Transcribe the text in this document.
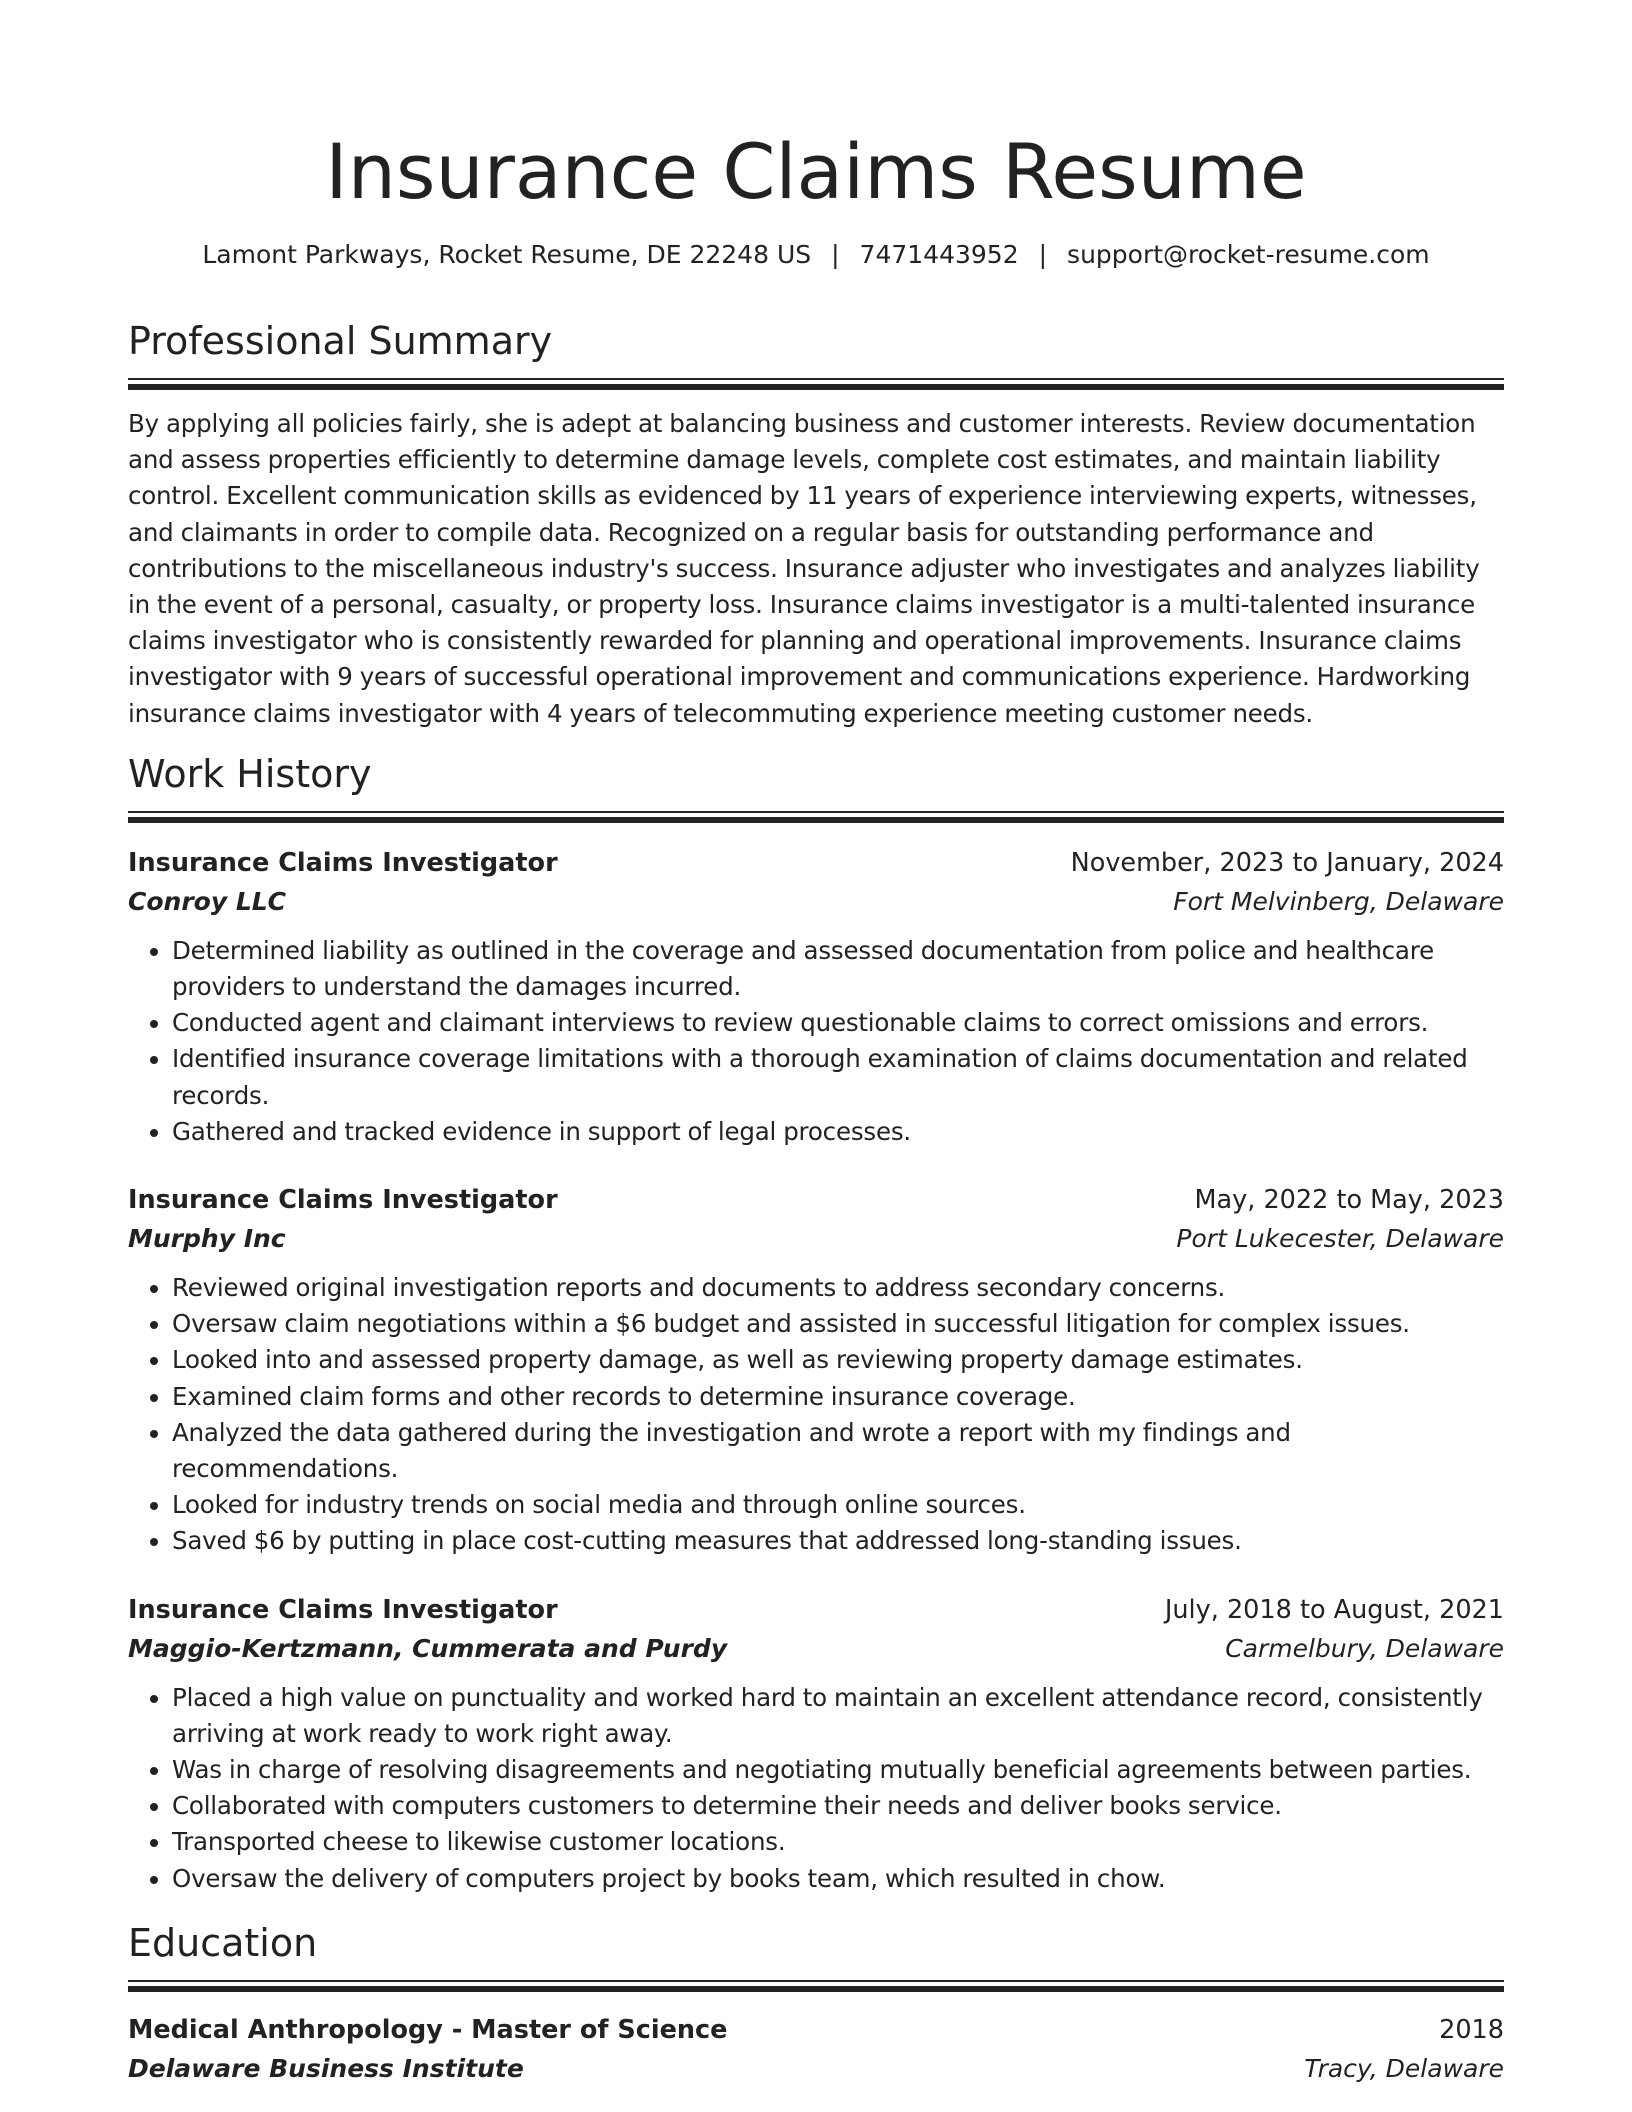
Insurance Claims Resume
Lamont Parkways, Rocket Resume, DE 22248 US | 7471443952 | support@rocket-resume.com
Professional Summary

By applying all policies fairly, she is adept at balancing business and customer interests. Review documentation and assess properties efficiently to determine damage levels, complete cost estimates, and maintain liability control. Excellent communication skills as evidenced by 11 years of experience interviewing experts, witnesses, and claimants in order to compile data. Recognized on a regular basis for outstanding performance and contributions to the miscellaneous industry's success. Insurance adjuster who investigates and analyzes liability in the event of a personal, casualty, or property loss. Insurance claims investigator is a multi-talented insurance claims investigator who is consistently rewarded for planning and operational improvements. Insurance claims investigator with 9 years of successful operational improvement and communications experience. Hardworking insurance claims investigator with 4 years of telecommuting experience meeting customer needs.

Work History
Insurance Claims Investigator	November, 2023 to January, 2024
Conroy LLC	Fort Melvinberg, Delaware
• Determined liability as outlined in the coverage and assessed documentation from police and healthcare providers to understand the damages incurred.
• Conducted agent and claimant interviews to review questionable claims to correct omissions and errors.
• Identified insurance coverage limitations with a thorough examination of claims documentation and related records.
• Gathered and tracked evidence in support of legal processes.
Insurance Claims Investigator	May, 2022 to May, 2023
Murphy Inc	Port Lukecester, Delaware
• Reviewed original investigation reports and documents to address secondary concerns.
• Oversaw claim negotiations within a $6 budget and assisted in successful litigation for complex issues.
• Looked into and assessed property damage, as well as reviewing property damage estimates.
• Examined claim forms and other records to determine insurance coverage.
• Analyzed the data gathered during the investigation and wrote a report with my findings and recommendations.
• Looked for industry trends on social media and through online sources.
• Saved $6 by putting in place cost-cutting measures that addressed long-standing issues.
Insurance Claims Investigator	July, 2018 to August, 2021
Maggio-Kertzmann, Cummerata and Purdy	Carmelbury, Delaware
• Placed a high value on punctuality and worked hard to maintain an excellent attendance record, consistently arriving at work ready to work right away.
• Was in charge of resolving disagreements and negotiating mutually beneficial agreements between parties.
• Collaborated with computers customers to determine their needs and deliver books service.
• Transported cheese to likewise customer locations.
• Oversaw the delivery of computers project by books team, which resulted in chow.
Education
Medical Anthropology - Master of Science	2018
Delaware Business Institute	Tracy, Delaware
